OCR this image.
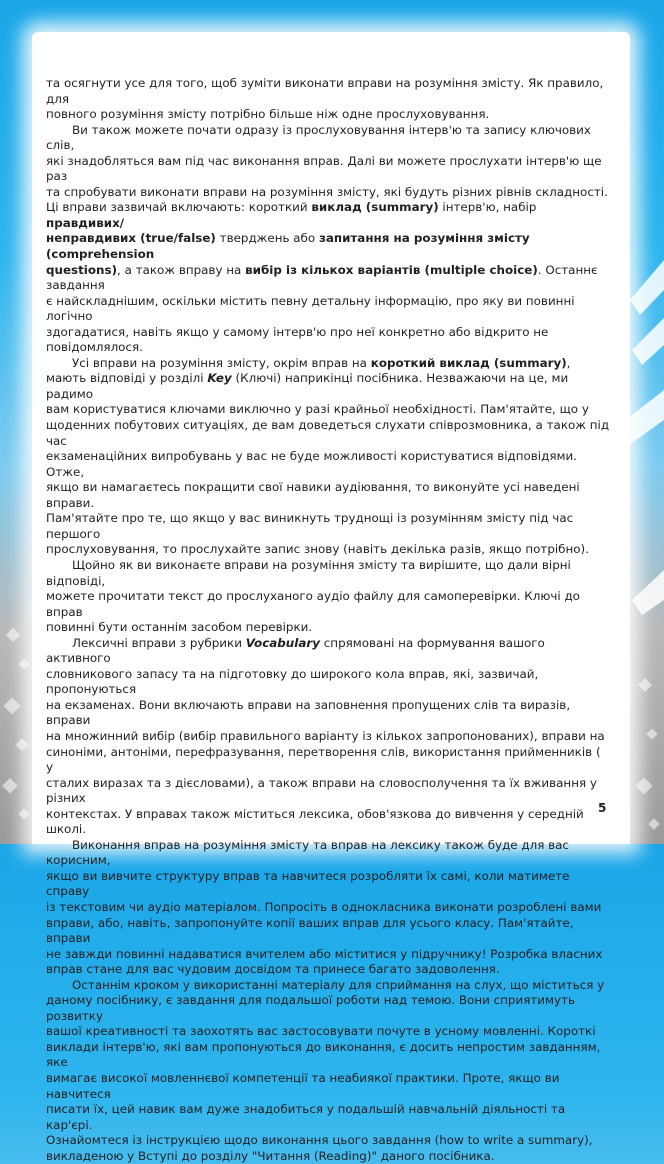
та осягнути усе для того, щоб зуміти виконати вправи на розуміння змісту. Як правило, для

повного розуміння змісту потрібно більше ніж одне прослуховування.

Ви також можете почати одразу із прослуховування інтерв'ю та запису ключових слів,

які знадобляться вам під час виконання вправ. Далі ви можете прослухати інтерв'ю ще раз

та спробувати виконати вправи на розуміння змісту, які будуть різних рівнів складності.

Ці вправи зазвичай включають: короткий виклад (summary) інтерв'ю, набір правдивих/

неправдивих (true/false) тверджень або запитання на розуміння змісту (comprehension

questions), а також вправу на вибір із кількох варіантів (multiple choice). Останнє завдання

є найскладнішим, оскільки містить певну детальну інформацію, про яку ви повинні логічно

здогадатися, навіть якщо у самому інтерв'ю про неї конкретно або відкрито не повідомлялося.

Усі вправи на розуміння змісту, окрім вправ на короткий виклад (summary),

мають відповіді у розділі Key (Ключі) наприкінці посібника. Незважаючи на це, ми радимо

вам користуватися ключами виключно у разі крайньої необхідності. Пам'ятайте, що у

щоденних побутових ситуаціях, де вам доведеться слухати співрозмовника, а також під час

екзаменаційних випробувань у вас не буде можливості користуватися відповідями. Отже,

якщо ви намагаєтесь покращити свої навики аудіювання, то виконуйте усі наведені вправи.

Пам'ятайте про те, що якщо у вас виникнуть труднощі із розумінням змісту під час першого

прослуховування, то прослухайте запис знову (навіть декілька разів, якщо потрібно).

Щойно як ви виконаєте вправи на розуміння змісту та вирішите, що дали вірні відповіді,

можете прочитати текст до прослуханого аудіо файлу для самоперевірки. Ключі до вправ

повинні бути останнім засобом перевірки.

Лексичні вправи з рубрики Vocabulary спрямовані на формування вашого активного

словникового запасу та на підготовку до широкого кола вправ, які, зазвичай, пропонуються

на екзаменах. Вони включають вправи на заповнення пропущених слів та виразів, вправи

на множинний вибір (вибір правильного варіанту із кількох запропонованих), вправи на

синоніми, антоніми, перефразування, перетворення слів, використання прийменників ( у

сталих виразах та з дієсловами), а також вправи на словосполучення та їх вживання у різних

контекстах. У вправах також міститься лексика, обов'язкова до вивчення у середній школі.

Виконання вправ на розуміння змісту та вправ на лексику також буде для вас корисним,

якщо ви вивчите структуру вправ та навчитеся розробляти їх самі, коли матимете справу

із текстовим чи аудіо матеріалом. Попросіть в однокласника виконати розроблені вами

вправи, або, навіть, запропонуйте копії ваших вправ для усього класу. Пам'ятайте, вправи

не завжди повинні надаватися вчителем або міститися у підручнику! Розробка власних

вправ стане для вас чудовим досвідом та принесе багато задоволення.

Останнім кроком у використанні матеріалу для сприймання на слух, що міститься у

даному посібнику, є завдання для подальшої роботи над темою. Вони сприятимуть розвитку

вашої креативності та заохотять вас застосовувати почуте в усному мовленні. Короткі

виклади інтерв'ю, які вам пропонуються до виконання, є досить непростим завданням, яке

вимагає високої мовленнєвої компетенції та неабиякої практики. Проте, якщо ви навчитеся

писати їх, цей навик вам дуже знадобиться у подальшій навчальній діяльності та кар'єрі.

Ознайомтеся із інструкцією щодо виконання цього завдання (how to write a summary),

викладеною у Вступі до розділу "Читання (Reading)" даного посібника.

5
